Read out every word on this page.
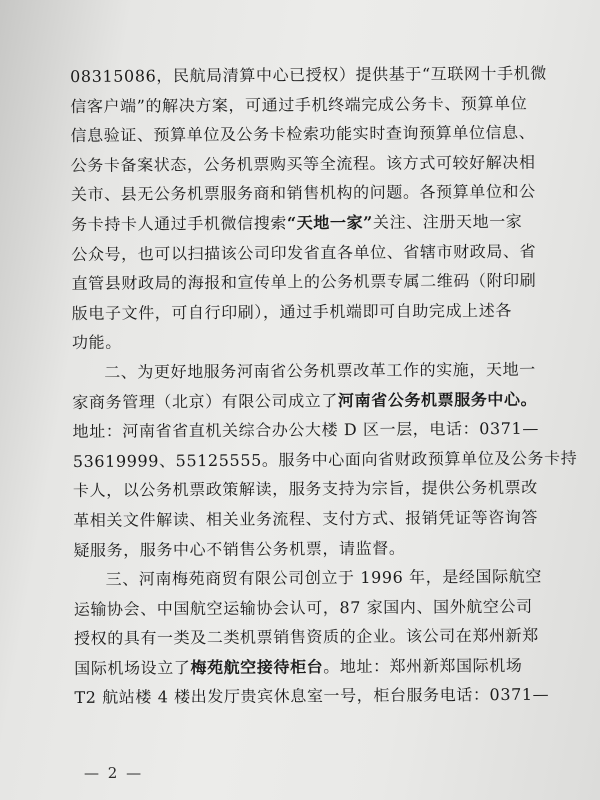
08315086，民航局清算中心已授权）提供基于“互联网十手机微
信客户端”的解决方案，可通过手机终端完成公务卡、预算单位
信息验证、预算单位及公务卡检索功能实时查询预算单位信息、
公务卡备案状态，公务机票购买等全流程。该方式可较好解决相
关市、县无公务机票服务商和销售机构的问题。各预算单位和公
务卡持卡人通过手机微信搜索“天地一家”关注、注册天地一家
公众号，也可以扫描该公司印发省直各单位、省辖市财政局、省
直管县财政局的海报和宣传单上的公务机票专属二维码（附印刷
版电子文件，可自行印刷），通过手机端即可自助完成上述各
功能。
二、为更好地服务河南省公务机票改革工作的实施，天地一
家商务管理（北京）有限公司成立了河南省公务机票服务中心。
地址：河南省省直机关综合办公大楼 D 区一层，电话：0371—
53619999、55125555。服务中心面向省财政预算单位及公务卡持
卡人，以公务机票政策解读，服务支持为宗旨，提供公务机票改
革相关文件解读、相关业务流程、支付方式、报销凭证等咨询答
疑服务，服务中心不销售公务机票，请监督。
三、河南梅苑商贸有限公司创立于 1996 年，是经国际航空
运输协会、中国航空运输协会认可，87 家国内、国外航空公司
授权的具有一类及二类机票销售资质的企业。该公司在郑州新郑
国际机场设立了梅苑航空接待柜台。地址：郑州新郑国际机场
T2 航站楼 4 楼出发厅贵宾休息室一号，柜台服务电话：0371—
— 2 —
